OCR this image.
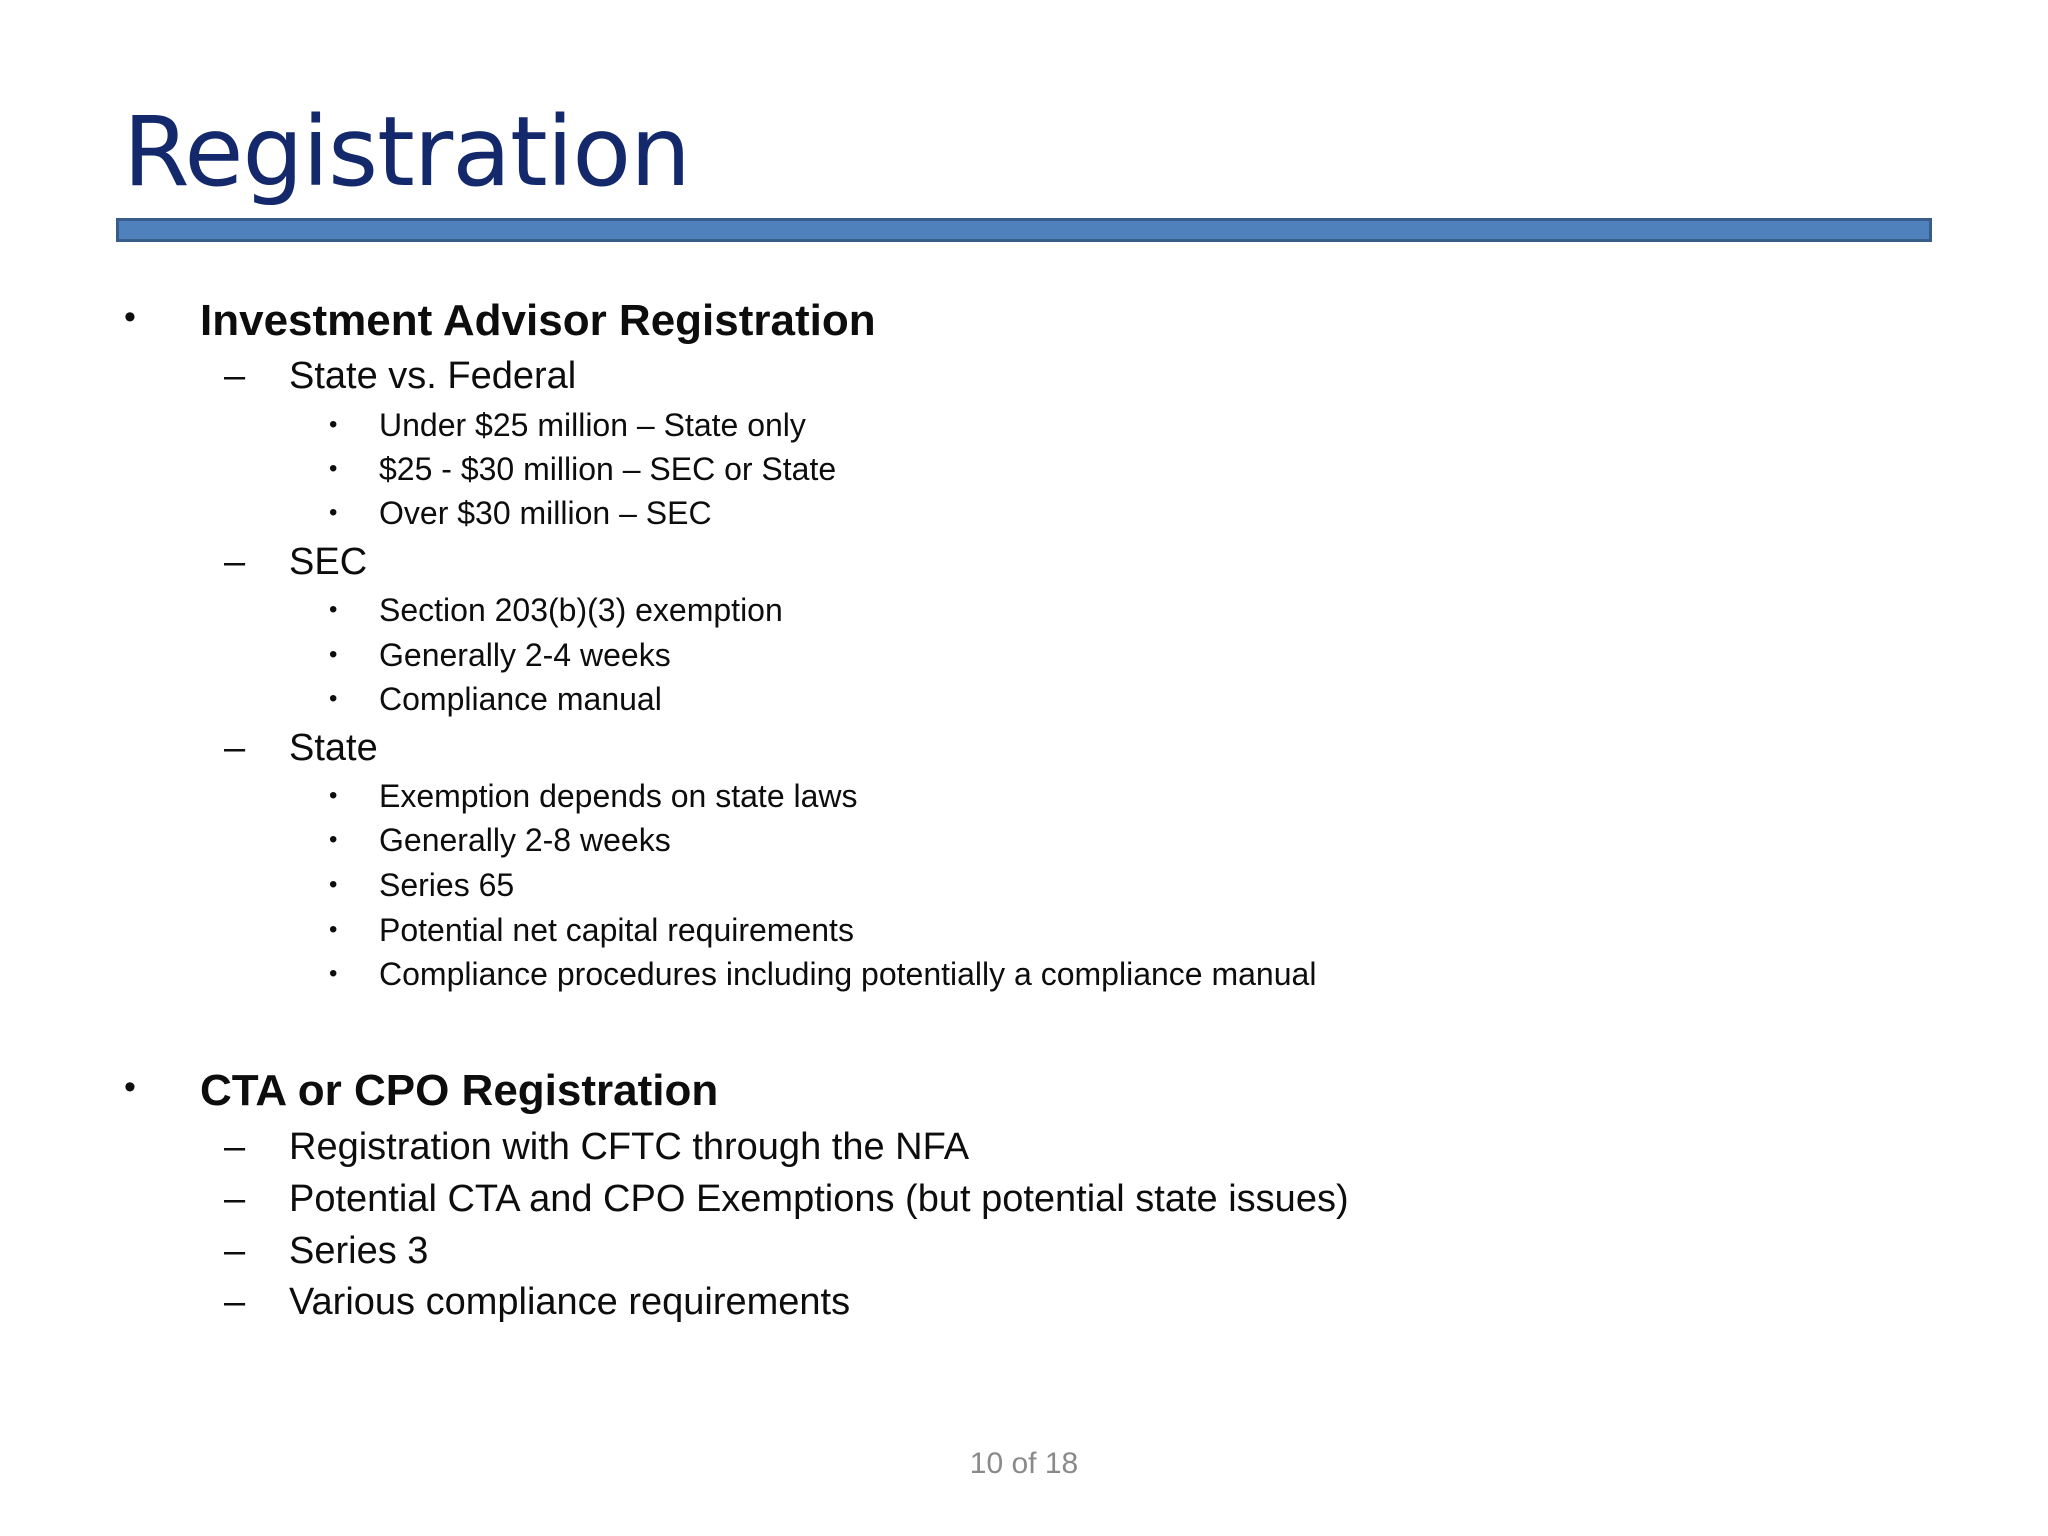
Registration
• Investment Advisor Registration
– State vs. Federal
• Under $25 million – State only
• $25 - $30 million – SEC or State
• Over $30 million – SEC
– SEC
• Section 203(b)(3) exemption
• Generally 2-4 weeks
• Compliance manual
– State
• Exemption depends on state laws
• Generally 2-8 weeks
• Series 65
• Potential net capital requirements
• Compliance procedures including potentially a compliance manual
• CTA or CPO Registration
– Registration with CFTC through the NFA
– Potential CTA and CPO Exemptions (but potential state issues)
– Series 3
– Various compliance requirements
10 of 18
